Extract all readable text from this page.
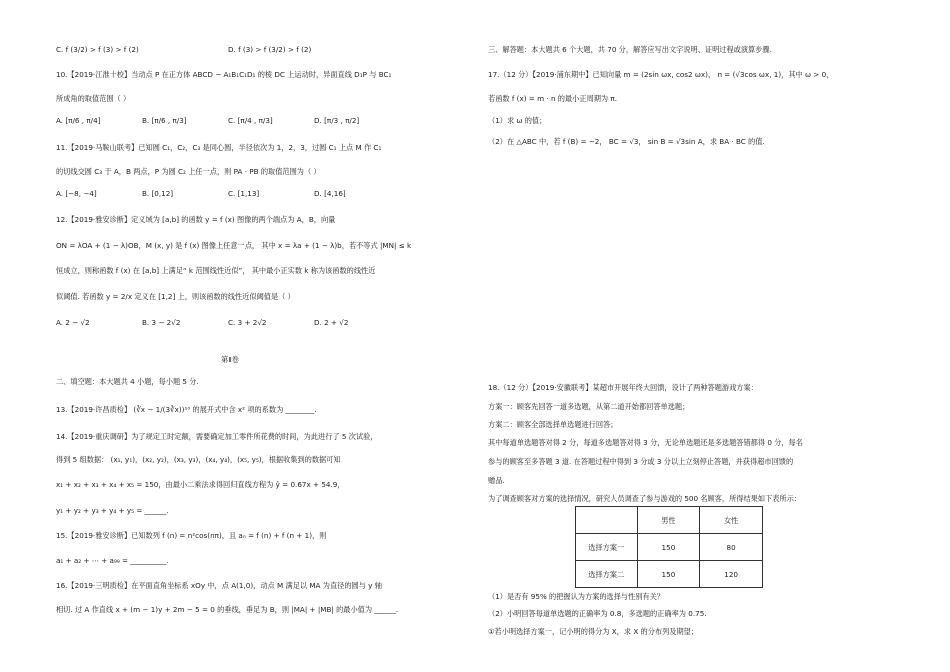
C. f (3/2) > f (3) > f (2)	D. f (3) > f (3/2) > f (2)
10.【2019·江淮十校】当动点 P 在正方体 ABCD − A₁B₁C₁D₁ 的棱 DC 上运动时，异面直线 D₁P 与 BC₁
所成角的取值范围（ ）
A. [π/6 , π/4]	B. [π/6 , π/3]	C. [π/4 , π/3]	D. [π/3 , π/2]
11.【2019·马鞍山联考】已知圆 C₁，C₂，C₃ 是同心圆，半径依次为 1，2，3，过圆 C₁ 上点 M 作 C₁
的切线交圆 C₃ 于 A，B 两点，P 为圆 C₂ 上任一点，则 PA · PB 的取值范围为（ ）
A. [−8, −4]	B. [0,12]	C. [1,13]	D. [4,16]
12.【2019·雅安诊断】定义域为 [a,b] 的函数 y = f (x) 图像的两个端点为 A，B，向量
ON = λOA + (1 − λ)OB，M (x, y) 是 f (x) 图像上任意一点， 其中 x = λa + (1 − λ)b，若不等式 |MN| ≤ k
恒成立，则称函数 f (x) 在 [a,b] 上满足“ k 范围线性近似”， 其中最小正实数 k 称为该函数的线性近
似阈值. 若函数 y = 2/x 定义在 [1,2] 上，则该函数的线性近似阈值是（ ）
A. 2 − √2	B. 3 − 2√2	C. 3 + 2√2	D. 2 + √2
第Ⅱ卷
二、填空题：本大题共 4 小题，每小题 5 分.
13.【2019·许昌质检】 (∛x − 1/(3∛x))¹⁰ 的展开式中含 x² 项的系数为 ________.
14.【2019·重庆调研】为了规定工时定额，需要确定加工零件所花费的时间，为此进行了 5 次试验，
得到 5 组数据： (x₁, y₁)，(x₂, y₂)，(x₃, y₃)，(x₄, y₄)，(x₅, y₅)，根据收集到的数据可知
x₁ + x₂ + x₃ + x₄ + x₅ = 150，由最小二乘法求得回归直线方程为 ŷ = 0.67x + 54.9，
y₁ + y₂ + y₃ + y₄ + y₅ = ______.
15.【2019·雅安诊断】已知数列 f (n) = n²cos(nπ)，且 aₙ = f (n) + f (n + 1)，则
a₁ + a₂ + ⋯ + a₉₉ = __________.
16.【2019·三明质检】在平面直角坐标系 xOy 中，点 A(1,0)，动点 M 满足以 MA 为直径的圆与 y 轴
相切. 过 A 作直线 x + (m − 1)y + 2m − 5 = 0 的垂线，垂足为 B，则 |MA| + |MB| 的最小值为 ______.
三、解答题：本大题共 6 个大题，共 70 分，解答应写出文字说明、证明过程或演算步骤.
17.（12 分）【2019·浦东期中】已知向量 m = (2sin ωx, cos2 ωx)， n = (√3cos ωx, 1)，其中 ω > 0，
若函数 f (x) = m · n 的最小正周期为 π.
（1）求 ω 的值；
（2）在 △ABC 中，若 f (B) = −2， BC = √3， sin B = √3sin A，求 BA · BC 的值.
18.（12 分）【2019·安徽联考】某超市开展年终大回馈，设计了两种答题游戏方案：
方案一：顾客先回答一道多选题，从第二道开始都回答单选题；
方案二：顾客全部选择单选题进行回答；
其中每道单选题答对得 2 分，每道多选题答对得 3 分，无论单选题还是多选题答错都得 0 分，每名
参与的顾客至多答题 3 道. 在答题过程中得到 3 分或 3 分以上立刻停止答题，并获得超市回馈的
赠品.
为了调查顾客对方案的选择情况，研究人员调查了参与游戏的 500 名顾客，所得结果如下表所示：
	男性	女性
选择方案一	150	80
选择方案二	150	120
（1）是否有 95% 的把握认为方案的选择与性别有关？
（2）小明回答每道单选题的正确率为 0.8，多选题的正确率为 0.75.
①若小明选择方案一，记小明的得分为 X，求 X 的分布列及期望；
